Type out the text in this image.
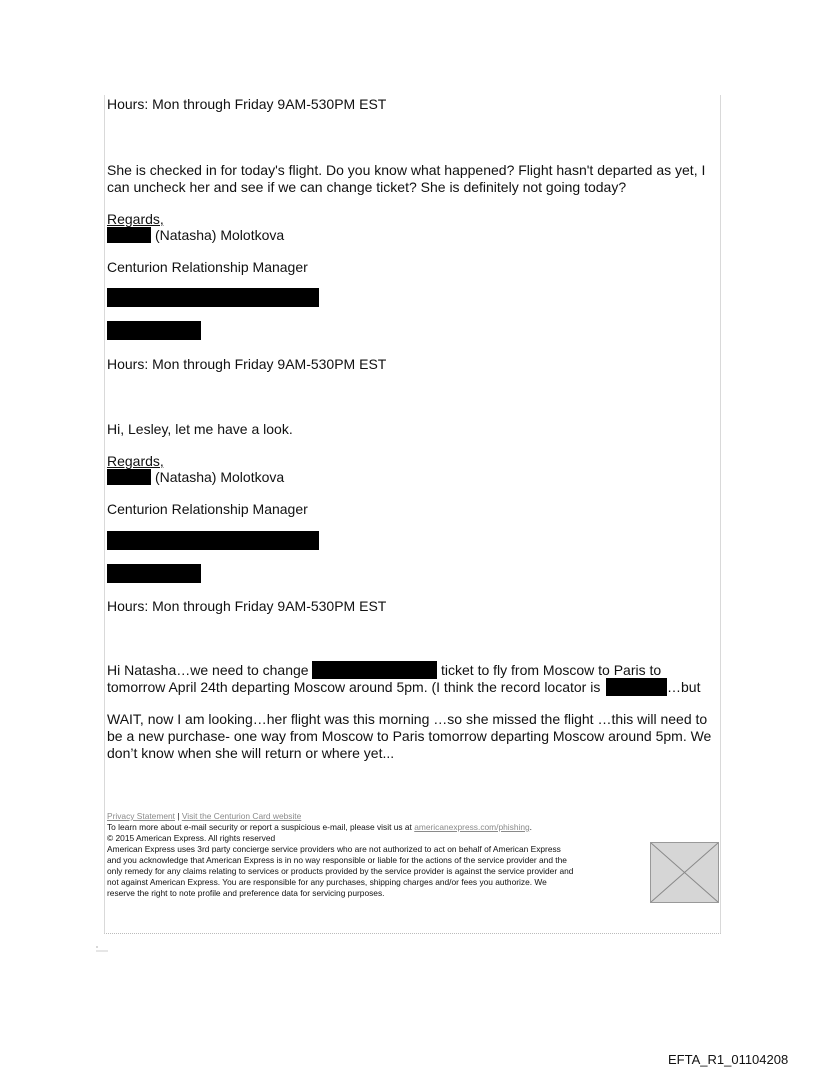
Hours: Mon through Friday 9AM-530PM EST
She is checked in for today's flight. Do you know what happened? Flight hasn't departed as yet, I
can uncheck her and see if we can change ticket? She is definitely not going today?
Regards,
(Natasha) Molotkova
Centurion Relationship Manager
Hours: Mon through Friday 9AM-530PM EST
Hi, Lesley, let me have a look.
Regards,
(Natasha) Molotkova
Centurion Relationship Manager
Hours: Mon through Friday 9AM-530PM EST
Hi Natasha…we need to change	ticket to fly from Moscow to Paris to
tomorrow April 24th departing Moscow around 5pm. (I think the record locator is	…but
WAIT, now I am looking…her flight was this morning …so she missed the flight …this will need to
be a new purchase- one way from Moscow to Paris tomorrow departing Moscow around 5pm. We
don’t know when she will return or where yet...
Privacy Statement | Visit the Centurion Card website
To learn more about e-mail security or report a suspicious e-mail, please visit us at americanexpress.com/phishing.
© 2015 American Express. All rights reserved
American Express uses 3rd party concierge service providers who are not authorized to act on behalf of American Express
and you acknowledge that American Express is in no way responsible or liable for the actions of the service provider and the
only remedy for any claims relating to services or products provided by the service provider is against the service provider and
not against American Express. You are responsible for any purchases, shipping charges and/or fees you authorize. We
reserve the right to note profile and preference data for servicing purposes.
EFTA_R1_01104208
